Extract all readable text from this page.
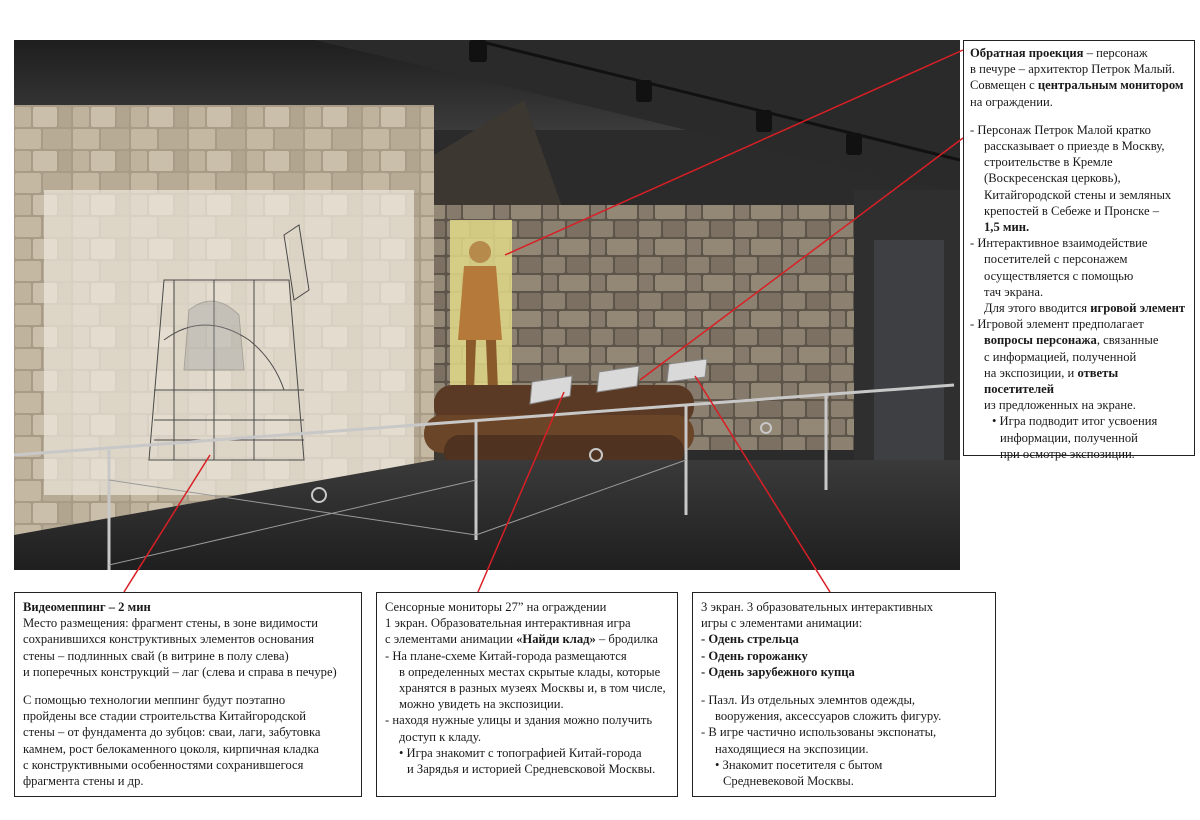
Обратная проекция – персонаж

в печуре – архитектор Петрок Малый.

Совмещен с центральным монитором

на ограждении.

- Персонаж Петрок Малой кратко

рассказывает о приезде в Москву,

строительстве в Кремле

(Воскресенская церковь),

Китайгородской стены и земляных

крепостей в Себеже и Пронске –

1,5 мин.

- Интерактивное взаимодействие

посетителей с персонажем

осуществляется с помощью

тач экрана.

Для этого вводится игровой элемент

- Игровой элемент предполагает

вопросы персонажа, связанные

с информацией, полученной

на экспозиции, и ответы посетителей

из предложенных на экране.

• Игра подводит итог усвоения

информации, полученной

при осмотре экспозиции.

Видеомеппинг – 2 мин

Место размещения: фрагмент стены, в зоне видимости

сохранившихся конструктивных элементов основания

стены – подлинных свай (в витрине в полу слева)

и поперечных конструкций – лаг (слева и справа в печуре)

С помощью технологии меппинг будут поэтапно

пройдены все стадии строительства Китайгородской

стены – от фундамента до зубцов: сваи, лаги, забутовка

камнем, рост белокаменного цоколя, кирпичная кладка

с конструктивными особенностями сохранившегося

фрагмента стены и др.

Сенсорные мониторы 27” на ограждении

1 экран. Образовательная интерактивная игра

с элементами анимации «Найди клад» – бродилка

- На плане-схеме Китай-города размещаются

в определенных местах скрытые клады, которые

хранятся в разных музеях Москвы и, в том числе,

можно увидеть на экспозиции.

- находя нужные улицы и здания можно получить

доступ к кладу.

• Игра знакомит с топографией Китай-города

и Зарядья и историей Средневсковой Москвы.

3 экран. 3 образовательных интерактивных

игры с элементами анимации:

- Одень стрельца

- Одень горожанку

- Одень зарубежного купца

- Пазл. Из отдельных элемнтов одежды,

вооружения, аксессуаров сложить фигуру.

- В игре частично использованы экспонаты,

находящиеся на экспозиции.

• Знакомит посетителя с бытом

Средневековой Москвы.
